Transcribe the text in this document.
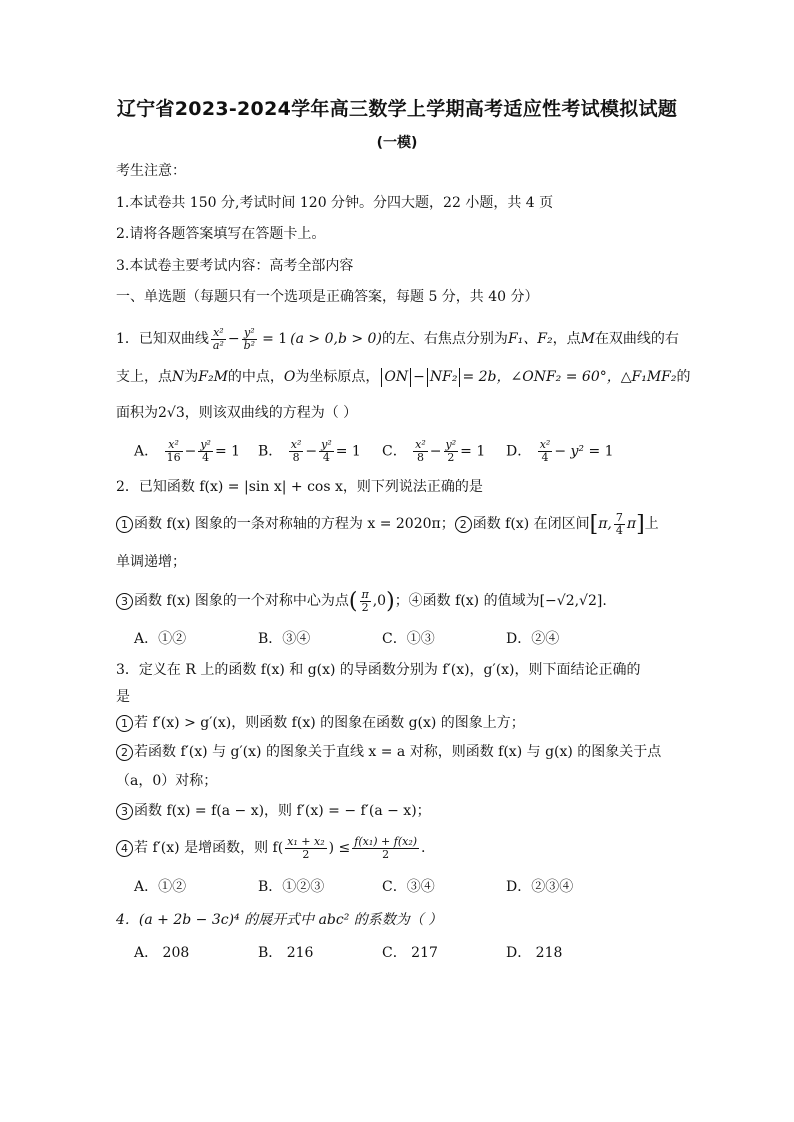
辽宁省2023-2024学年高三数学上学期高考适应性考试模拟试题
(一模)

考生注意：

1.本试卷共 150 分,考试时间 120 分钟。分四大题，22 小题，共 4 页

2.请将各题答案填写在答题卡上。

3.本试卷主要考试内容：高考全部内容

一、单选题（每题只有一个选项是正确答案，每题 5 分，共 40 分）

1．已知双曲线 $\frac{\text{x²}}{\text{a²}} - \frac{\text{y²}}{\text{b²}} = 1$ (a > 0,b > 0) 的左、右焦点分别为 F₁、F₂ ，点 M 在双曲线的右
支上，点 N 为 F₂M 的中点， O 为坐标原点， ON − NF₂ = 2b，∠ONF₂ = 60°， △F₁MF₂ 的
面积为2√3，则该双曲线的方程为（ ）
A． $\frac{\text{x²}}{16} - \frac{\text{y²}}{4} = 1$	B． $\frac{\text{x²}}{8} - \frac{\text{y²}}{4} = 1$	C． $\frac{\text{x²}}{8} - \frac{\text{y²}}{2} = 1$	D． $\frac{\text{x²}}{4} - y^2 = 1$
2．已知函数 f(x) = |sin x| + cos x，则下列说法正确的是
1 函数 f(x) 图象的一条对称轴的方程为 x = 2020π； 2 函数 f(x) 在闭区间 [ π, $\frac{7}{4}$ π ] 上
单调递增；
3 函数 f(x) 图象的一个对称中心为点 ( $\frac{\pi}{2} ,0$ ) ；④函数 f(x) 的值域为[−√2,√2].
A．①②	B．③④	C．①③	D．②④
3．定义在 R 上的函数 f(x) 和 g(x) 的导函数分别为 f′(x)，g′(x)，则下面结论正确的
是
1 若 f′(x) > g′(x)，则函数 f(x) 的图象在函数 g(x) 的图象上方；
2 若函数 f′(x) 与 g′(x) 的图象关于直线 x = a 对称，则函数 f(x) 与 g(x) 的图象关于点
（a，0）对称；
3 函数 f(x) = f(a − x)，则 f′(x) = − f′(a − x)；
4 若 f′(x) 是增函数，则 $f( \frac{\text{x₁ + x₂}}{2}$ ) ≤ $\frac{\text{f(x₁) + f(x₂)}}{2}$ .
A．①②	B．①②③	C．③④	D．②③④
4．(a + 2b − 3c)⁴ 的展开式中 abc² 的系数为（ ）
A． 208	B． 216	C． 217	D． 218
